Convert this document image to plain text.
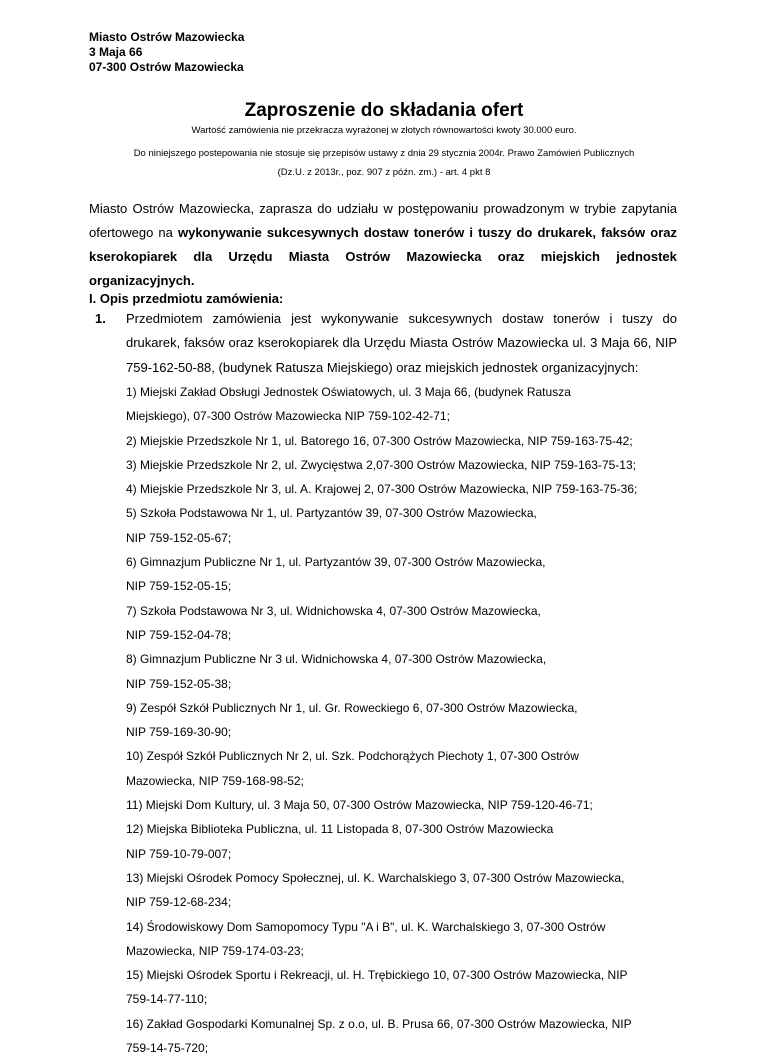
Miasto Ostrów Mazowiecka
3 Maja 66
07-300 Ostrów Mazowiecka
Zaproszenie do składania ofert
Wartość zamówienia nie przekracza wyrażonej w złotych równowartości kwoty 30.000 euro.
Do niniejszego postepowania nie stosuje się przepisów ustawy z dnia 29 stycznia 2004r. Prawo Zamówień Publicznych
(Dz.U. z 2013r., poz. 907 z późn. zm.) - art. 4 pkt 8

Miasto Ostrów Mazowiecka, zaprasza do udziału w postępowaniu prowadzonym w trybie zapytania ofertowego na wykonywanie sukcesywnych dostaw tonerów i tuszy do drukarek, faksów oraz

kserokopiarek dla Urzędu Miasta Ostrów Mazowiecka oraz miejskich jednostek
organizacyjnych.
I. Opis przedmiotu zamówienia:
1. Przedmiotem zamówienia jest wykonywanie sukcesywnych dostaw tonerów i tuszy do drukarek, faksów oraz kserokopiarek dla Urzędu Miasta Ostrów Mazowiecka ul. 3 Maja 66, NIP 759-162-50-88, (budynek Ratusza Miejskiego) oraz miejskich jednostek organizacyjnych:
1) Miejski Zakład Obsługi Jednostek Oświatowych, ul. 3 Maja 66, (budynek Ratusza
Miejskiego), 07-300 Ostrów Mazowiecka NIP 759-102-42-71;
2) Miejskie Przedszkole Nr 1, ul. Batorego 16, 07-300 Ostrów Mazowiecka, NIP 759-163-75-42;
3) Miejskie Przedszkole Nr 2, ul. Zwycięstwa 2,07-300 Ostrów Mazowiecka, NIP 759-163-75-13;
4) Miejskie Przedszkole Nr 3, ul. A. Krajowej 2, 07-300 Ostrów Mazowiecka, NIP 759-163-75-36;
5) Szkoła Podstawowa Nr 1, ul. Partyzantów 39, 07-300 Ostrów Mazowiecka,
NIP 759-152-05-67;
6) Gimnazjum Publiczne Nr 1, ul. Partyzantów 39, 07-300 Ostrów Mazowiecka,
NIP 759-152-05-15;
7) Szkoła Podstawowa Nr 3, ul. Widnichowska 4, 07-300 Ostrów Mazowiecka,
NIP 759-152-04-78;
8) Gimnazjum Publiczne Nr 3 ul. Widnichowska 4, 07-300 Ostrów Mazowiecka,
NIP 759-152-05-38;
9) Zespół Szkół Publicznych Nr 1, ul. Gr. Roweckiego 6, 07-300 Ostrów Mazowiecka,
NIP 759-169-30-90;
10) Zespół Szkół Publicznych Nr 2, ul. Szk. Podchorążych Piechoty 1, 07-300 Ostrów
Mazowiecka, NIP 759-168-98-52;
11) Miejski Dom Kultury, ul. 3 Maja 50, 07-300 Ostrów Mazowiecka, NIP 759-120-46-71;
12) Miejska Biblioteka Publiczna, ul. 11 Listopada 8, 07-300 Ostrów Mazowiecka
NIP 759-10-79-007;
13) Miejski Ośrodek Pomocy Społecznej, ul. K. Warchalskiego 3, 07-300 Ostrów Mazowiecka,
NIP 759-12-68-234;
14) Środowiskowy Dom Samopomocy Typu "A i B", ul. K. Warchalskiego 3, 07-300 Ostrów
Mazowiecka, NIP 759-174-03-23;
15) Miejski Ośrodek Sportu i Rekreacji, ul. H. Trębickiego 10, 07-300 Ostrów Mazowiecka, NIP
759-14-77-110;
16) Zakład Gospodarki Komunalnej Sp. z o.o, ul. B. Prusa 66, 07-300 Ostrów Mazowiecka, NIP
759-14-75-720;
